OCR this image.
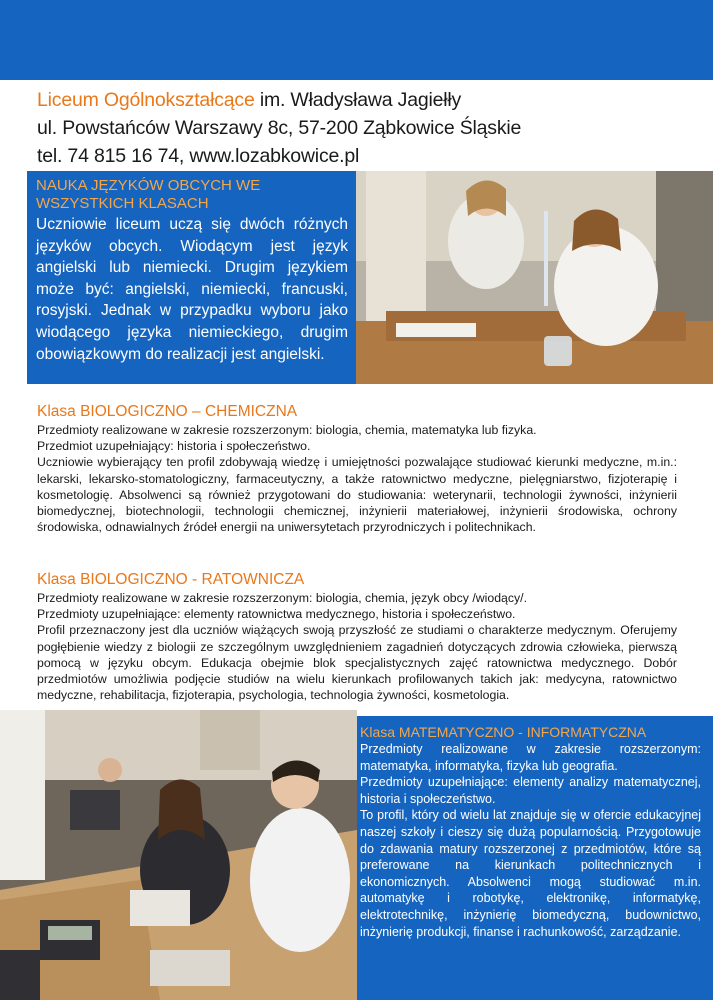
Liceum Ogólnokształcące im. Władysława Jagiełły
ul. Powstańców Warszawy 8c, 57-200 Ząbkowice Śląskie
tel. 74 815 16 74, www.lozabkowice.pl
NAUKA JĘZYKÓW OBCYCH WE WSZYSTKICH KLASACH
Uczniowie liceum uczą się dwóch różnych języków obcych. Wiodącym jest język angielski lub niemiecki. Drugim językiem może być: angielski, niemiecki, francuski, rosyjski. Jednak w przypadku wyboru jako wiodącego języka niemieckiego, drugim obowiązkowym do realizacji jest angielski.
Klasa BIOLOGICZNO – CHEMICZNA
Przedmioty realizowane w zakresie rozszerzonym: biologia, chemia, matematyka lub fizyka.
Przedmiot uzupełniający: historia i społeczeństwo.
Uczniowie wybierający ten profil zdobywają wiedzę i umiejętności pozwalające studiować kierunki medyczne, m.in.: lekarski, lekarsko-stomatologiczny, farmaceutyczny, a także ratownictwo medyczne, pielęgniarstwo, fizjoterapię i kosmetologię. Absolwenci są również przygotowani do studiowania: weterynarii, technologii żywności, inżynierii biomedycznej, biotechnologii, technologii chemicznej, inżynierii materiałowej, inżynierii środowiska, ochrony środowiska, odnawialnych źródeł energii na uniwersytetach przyrodniczych i politechnikach.
Klasa BIOLOGICZNO - RATOWNICZA
Przedmioty realizowane w zakresie rozszerzonym: biologia, chemia, język obcy /wiodący/.
Przedmioty uzupełniające: elementy ratownictwa medycznego, historia i społeczeństwo.
Profil przeznaczony jest dla uczniów wiążących swoją przyszłość ze studiami o charakterze medycznym. Oferujemy pogłębienie wiedzy z biologii ze szczególnym uwzględnieniem zagadnień dotyczących zdrowia człowieka, pierwszą pomocą w języku obcym. Edukacja obejmie blok specjalistycznych zajęć ratownictwa medycznego. Dobór przedmiotów umożliwia podjęcie studiów na wielu kierunkach profilowanych takich jak: medycyna, ratownictwo medyczne, rehabilitacja, fizjoterapia, psychologia, technologia żywności, kosmetologia.
Klasa MATEMATYCZNO - INFORMATYCZNA
Przedmioty realizowane w zakresie rozszerzonym: matematyka, informatyka, fizyka lub geografia.
Przedmioty uzupełniające: elementy analizy matematycznej, historia i społeczeństwo.
To profil, który od wielu lat znajduje się w ofercie edukacyjnej naszej szkoły i cieszy się dużą popularnością. Przygotowuje do zdawania matury rozszerzonej z przedmiotów, które są preferowane na kierunkach politechnicznych i ekonomicznych. Absolwenci mogą studiować m.in. automatykę i robotykę, elektronikę, informatykę, elektrotechnikę, inżynierię biomedyczną, budownictwo, inżynierię produkcji, finanse i rachunkowość, zarządzanie.
